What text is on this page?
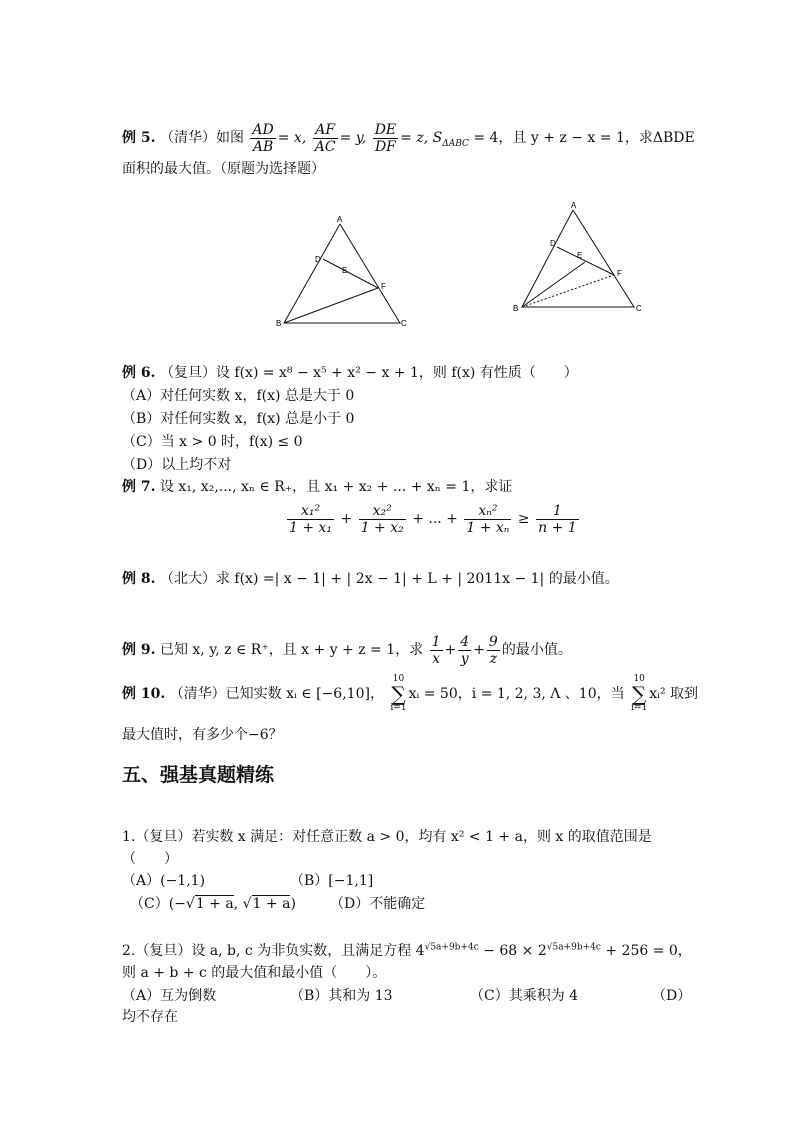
例 5. （清华）如图 $\frac{AD}{AB} = x$, $\frac{AF}{AC} = y$, $\frac{DE}{DF} = z$, $S_{\Delta ABC} = 4$，且 y + z − x = 1，求ΔBDE
面积的最大值。（原题为选择题）
A
B	C
D
E
F
A
B	C
D
E
F
例 6. （复旦）设 f(x) = x⁸ − x⁵ + x² − x + 1，则 f(x) 有性质（　　）
（A）对任何实数 x，f(x) 总是大于 0
（B）对任何实数 x，f(x) 总是小于 0
（C）当 x > 0 时，f(x) ≤ 0
（D）以上均不对
例 7. 设 x₁, x₂,..., xₙ ∈ R₊，且 x₁ + x₂ + ... + xₙ = 1，求证
$\frac{\text{x₁²}}{\text{1 + x₁}} + \frac{\text{x₂²}}{\text{1 + x₂}}$ + ... + $\frac{\text{xₙ²}}{\text{1 + xₙ}} \ge \frac{1}{n + 1}$
例 8. （北大）求 f(x) =| x − 1| + | 2x − 1| + L + | 2011x − 1| 的最小值。
例 9. 已知 x, y, z ∈ R⁺，且 x + y + z = 1，求 $\frac{1}{x} + \frac{4}{y} + \frac{9}{z}$ 的最小值。
例 10. （清华）已知实数 xᵢ ∈ [−6,10]， 10
∑
i=1xᵢ = 50，i = 1, 2, 3, Λ 、10，当 10
∑
i=1xᵢ² 取到
最大值时，有多少个−6？
五、强基真题精练
1.（复旦）若实数 x 满足：对任意正数 a > 0，均有 x² < 1 + a，则 x 的取值范围是
（　　）
（A）(−1,1)	（B）[−1,1]
（C）(−√1 + a, √1 + a) （D）不能确定
2.（复旦）设 a, b, c 为非负实数，且满足方程 $4^{√5a+9b+4c} - 68 \times 2^{√5a+9b+4c} + 256 = 0$，
则 a + b + c 的最大值和最小值（　　）。
（A）互为倒数	（B）其和为 13	（C）其乘积为 4	（D）
均不存在
